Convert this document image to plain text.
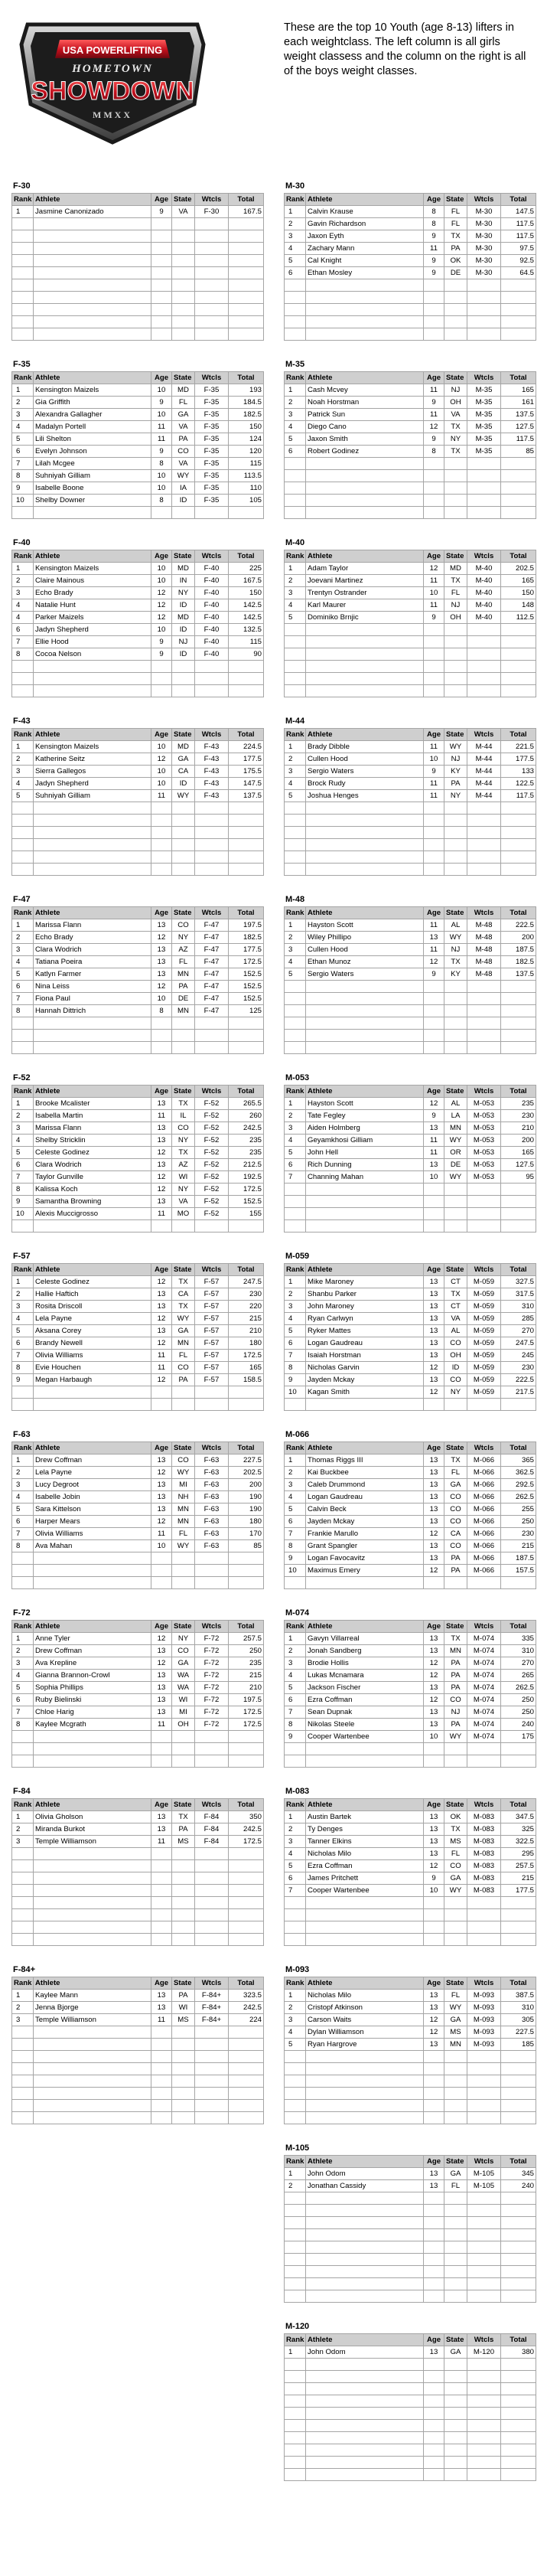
USA POWERLIFTING
HOMETOWN
SHOWDOWN
MMXX

These are the top 10 Youth (age 8-13) lifters in each weightclass. The left column is all girls weight classess and the column on the right is all of the boys weight classes.

F-30
Rank	Athlete	Age	State	Wtcls	Total
1	Jasmine Canonizado	9	VA	F-30	167.5

F-35
Rank	Athlete	Age	State	Wtcls	Total
1	Kensington Maizels	10	MD	F-35	193
2	Gia Griffith	9	FL	F-35	184.5
3	Alexandra Gallagher	10	GA	F-35	182.5
4	Madalyn Portell	11	VA	F-35	150
5	Lili Shelton	11	PA	F-35	124
6	Evelyn Johnson	9	CO	F-35	120
7	Lilah Mcgee	8	VA	F-35	115
8	Suhniyah Gilliam	10	WY	F-35	113.5
9	Isabelle Boone	10	IA	F-35	110
10	Shelby Downer	8	ID	F-35	105

F-40
Rank	Athlete	Age	State	Wtcls	Total
1	Kensington Maizels	10	MD	F-40	225
2	Claire Mainous	10	IN	F-40	167.5
3	Echo Brady	12	NY	F-40	150
4	Natalie Hunt	12	ID	F-40	142.5
4	Parker Maizels	12	MD	F-40	142.5
6	Jadyn Shepherd	10	ID	F-40	132.5
7	Ellie Hood	9	NJ	F-40	115
8	Cocoa Nelson	9	ID	F-40	90

F-43
Rank	Athlete	Age	State	Wtcls	Total
1	Kensington Maizels	10	MD	F-43	224.5
2	Katherine Seitz	12	GA	F-43	177.5
3	Sierra Gallegos	10	CA	F-43	175.5
4	Jadyn Shepherd	10	ID	F-43	147.5
5	Suhniyah Gilliam	11	WY	F-43	137.5

F-47
Rank	Athlete	Age	State	Wtcls	Total
1	Marissa Flann	13	CO	F-47	197.5
2	Echo Brady	12	NY	F-47	182.5
3	Clara Wodrich	13	AZ	F-47	177.5
4	Tatiana Poeira	13	FL	F-47	172.5
5	Katlyn Farmer	13	MN	F-47	152.5
6	Nina Leiss	12	PA	F-47	152.5
7	Fiona Paul	10	DE	F-47	152.5
8	Hannah Dittrich	8	MN	F-47	125

F-52
Rank	Athlete	Age	State	Wtcls	Total
1	Brooke Mcalister	13	TX	F-52	265.5
2	Isabella Martin	11	IL	F-52	260
3	Marissa Flann	13	CO	F-52	242.5
4	Shelby Stricklin	13	NY	F-52	235
5	Celeste Godinez	12	TX	F-52	235
6	Clara Wodrich	13	AZ	F-52	212.5
7	Taylor Gunville	12	WI	F-52	192.5
8	Kalissa Koch	12	NY	F-52	172.5
9	Samantha Browning	13	VA	F-52	152.5
10	Alexis Muccigrosso	11	MO	F-52	155

F-57
Rank	Athlete	Age	State	Wtcls	Total
1	Celeste Godinez	12	TX	F-57	247.5
2	Hallie Haftich	13	CA	F-57	230
3	Rosita Driscoll	13	TX	F-57	220
4	Lela Payne	12	WY	F-57	215
5	Aksana Corey	13	GA	F-57	210
6	Brandy Newell	12	MN	F-57	180
7	Olivia Williams	11	FL	F-57	172.5
8	Evie Houchen	11	CO	F-57	165
9	Megan Harbaugh	12	PA	F-57	158.5

F-63
Rank	Athlete	Age	State	Wtcls	Total
1	Drew Coffman	13	CO	F-63	227.5
2	Lela Payne	12	WY	F-63	202.5
3	Lucy Degroot	13	MI	F-63	200
4	Isabelle Jobin	13	NH	F-63	190
5	Sara Kittelson	13	MN	F-63	190
6	Harper Mears	12	MN	F-63	180
7	Olivia Williams	11	FL	F-63	170
8	Ava Mahan	10	WY	F-63	85

F-72
Rank	Athlete	Age	State	Wtcls	Total
1	Anne Tyler	12	NY	F-72	257.5
2	Drew Coffman	13	CO	F-72	250
3	Ava Krepline	12	GA	F-72	235
4	Gianna Brannon-Crowl	13	WA	F-72	215
5	Sophia Phillips	13	WA	F-72	210
6	Ruby Bielinski	13	WI	F-72	197.5
7	Chloe Harig	13	MI	F-72	172.5
8	Kaylee Mcgrath	11	OH	F-72	172.5

F-84
Rank	Athlete	Age	State	Wtcls	Total
1	Olivia Gholson	13	TX	F-84	350
2	Miranda Burkot	13	PA	F-84	242.5
3	Temple Williamson	11	MS	F-84	172.5

F-84+
Rank	Athlete	Age	State	Wtcls	Total
1	Kaylee Mann	13	PA	F-84+	323.5
2	Jenna Bjorge	13	WI	F-84+	242.5
3	Temple Williamson	11	MS	F-84+	224

M-30
Rank	Athlete	Age	State	Wtcls	Total
1	Calvin Krause	8	FL	M-30	147.5
2	Gavin Richardson	8	FL	M-30	117.5
3	Jaxon Eyth	9	TX	M-30	117.5
4	Zachary Mann	11	PA	M-30	97.5
5	Cal Knight	9	OK	M-30	92.5
6	Ethan Mosley	9	DE	M-30	64.5

M-35
Rank	Athlete	Age	State	Wtcls	Total
1	Cash Mcvey	11	NJ	M-35	165
2	Noah Horstman	9	OH	M-35	161
3	Patrick Sun	11	VA	M-35	137.5
4	Diego Cano	12	TX	M-35	127.5
5	Jaxon Smith	9	NY	M-35	117.5
6	Robert Godinez	8	TX	M-35	85

M-40
Rank	Athlete	Age	State	Wtcls	Total
1	Adam Taylor	12	MD	M-40	202.5
2	Joevani Martinez	11	TX	M-40	165
3	Trentyn Ostrander	10	FL	M-40	150
4	Karl Maurer	11	NJ	M-40	148
5	Dominiko Brnjic	9	OH	M-40	112.5

M-44
Rank	Athlete	Age	State	Wtcls	Total
1	Brady Dibble	11	WY	M-44	221.5
2	Cullen Hood	10	NJ	M-44	177.5
3	Sergio Waters	9	KY	M-44	133
4	Brock Rudy	11	PA	M-44	122.5
5	Joshua Henges	11	NY	M-44	117.5

M-48
Rank	Athlete	Age	State	Wtcls	Total
1	Hayston Scott	11	AL	M-48	222.5
2	Wiley Phillipo	13	WY	M-48	200
3	Cullen Hood	11	NJ	M-48	187.5
4	Ethan Munoz	12	TX	M-48	182.5
5	Sergio Waters	9	KY	M-48	137.5

M-053
Rank	Athlete	Age	State	Wtcls	Total
1	Hayston Scott	12	AL	M-053	235
2	Tate Fegley	9	LA	M-053	230
3	Aiden Holmberg	13	MN	M-053	210
4	Geyamkhosi Gilliam	11	WY	M-053	200
5	John Hell	11	OR	M-053	165
6	Rich Dunning	13	DE	M-053	127.5
7	Channing Mahan	10	WY	M-053	95

M-059
Rank	Athlete	Age	State	Wtcls	Total
1	Mike Maroney	13	CT	M-059	327.5
2	Shanbu Parker	13	TX	M-059	317.5
3	John Maroney	13	CT	M-059	310
4	Ryan Carlwyn	13	VA	M-059	285
5	Ryker Mattes	13	AL	M-059	270
6	Logan Gaudreau	13	CO	M-059	247.5
7	Isaiah Horstman	13	OH	M-059	245
8	Nicholas Garvin	12	ID	M-059	230
9	Jayden Mckay	13	CO	M-059	222.5
10	Kagan Smith	12	NY	M-059	217.5

M-066
Rank	Athlete	Age	State	Wtcls	Total
1	Thomas Riggs III	13	TX	M-066	365
2	Kai Buckbee	13	FL	M-066	362.5
3	Caleb Drummond	13	GA	M-066	292.5
4	Logan Gaudreau	13	CO	M-066	262.5
5	Calvin Beck	13	CO	M-066	255
6	Jayden Mckay	13	CO	M-066	250
7	Frankie Marullo	12	CA	M-066	230
8	Grant Spangler	13	CO	M-066	215
9	Logan Favocavitz	13	PA	M-066	187.5
10	Maximus Emery	12	PA	M-066	157.5

M-074
Rank	Athlete	Age	State	Wtcls	Total
1	Gavyn Villarreal	13	TX	M-074	335
2	Jonah Sandberg	13	MN	M-074	310
3	Brodie Hollis	12	PA	M-074	270
4	Lukas Mcnamara	12	PA	M-074	265
5	Jackson Fischer	13	PA	M-074	262.5
6	Ezra Coffman	12	CO	M-074	250
7	Sean Dupnak	13	NJ	M-074	250
8	Nikolas Steele	13	PA	M-074	240
9	Cooper Wartenbee	10	WY	M-074	175

M-083
Rank	Athlete	Age	State	Wtcls	Total
1	Austin Bartek	13	OK	M-083	347.5
2	Ty Denges	13	TX	M-083	325
3	Tanner Elkins	13	MS	M-083	322.5
4	Nicholas Milo	13	FL	M-083	295
5	Ezra Coffman	12	CO	M-083	257.5
6	James Pritchett	9	GA	M-083	215
7	Cooper Wartenbee	10	WY	M-083	177.5

M-093
Rank	Athlete	Age	State	Wtcls	Total
1	Nicholas Milo	13	FL	M-093	387.5
2	Cristopf Atkinson	13	WY	M-093	310
3	Carson Waits	12	GA	M-093	305
4	Dylan Williamson	12	MS	M-093	227.5
5	Ryan Hargrove	13	MN	M-093	185

M-105
Rank	Athlete	Age	State	Wtcls	Total
1	John Odom	13	GA	M-105	345
2	Jonathan Cassidy	13	FL	M-105	240

M-120
Rank	Athlete	Age	State	Wtcls	Total
1	John Odom	13	GA	M-120	380
